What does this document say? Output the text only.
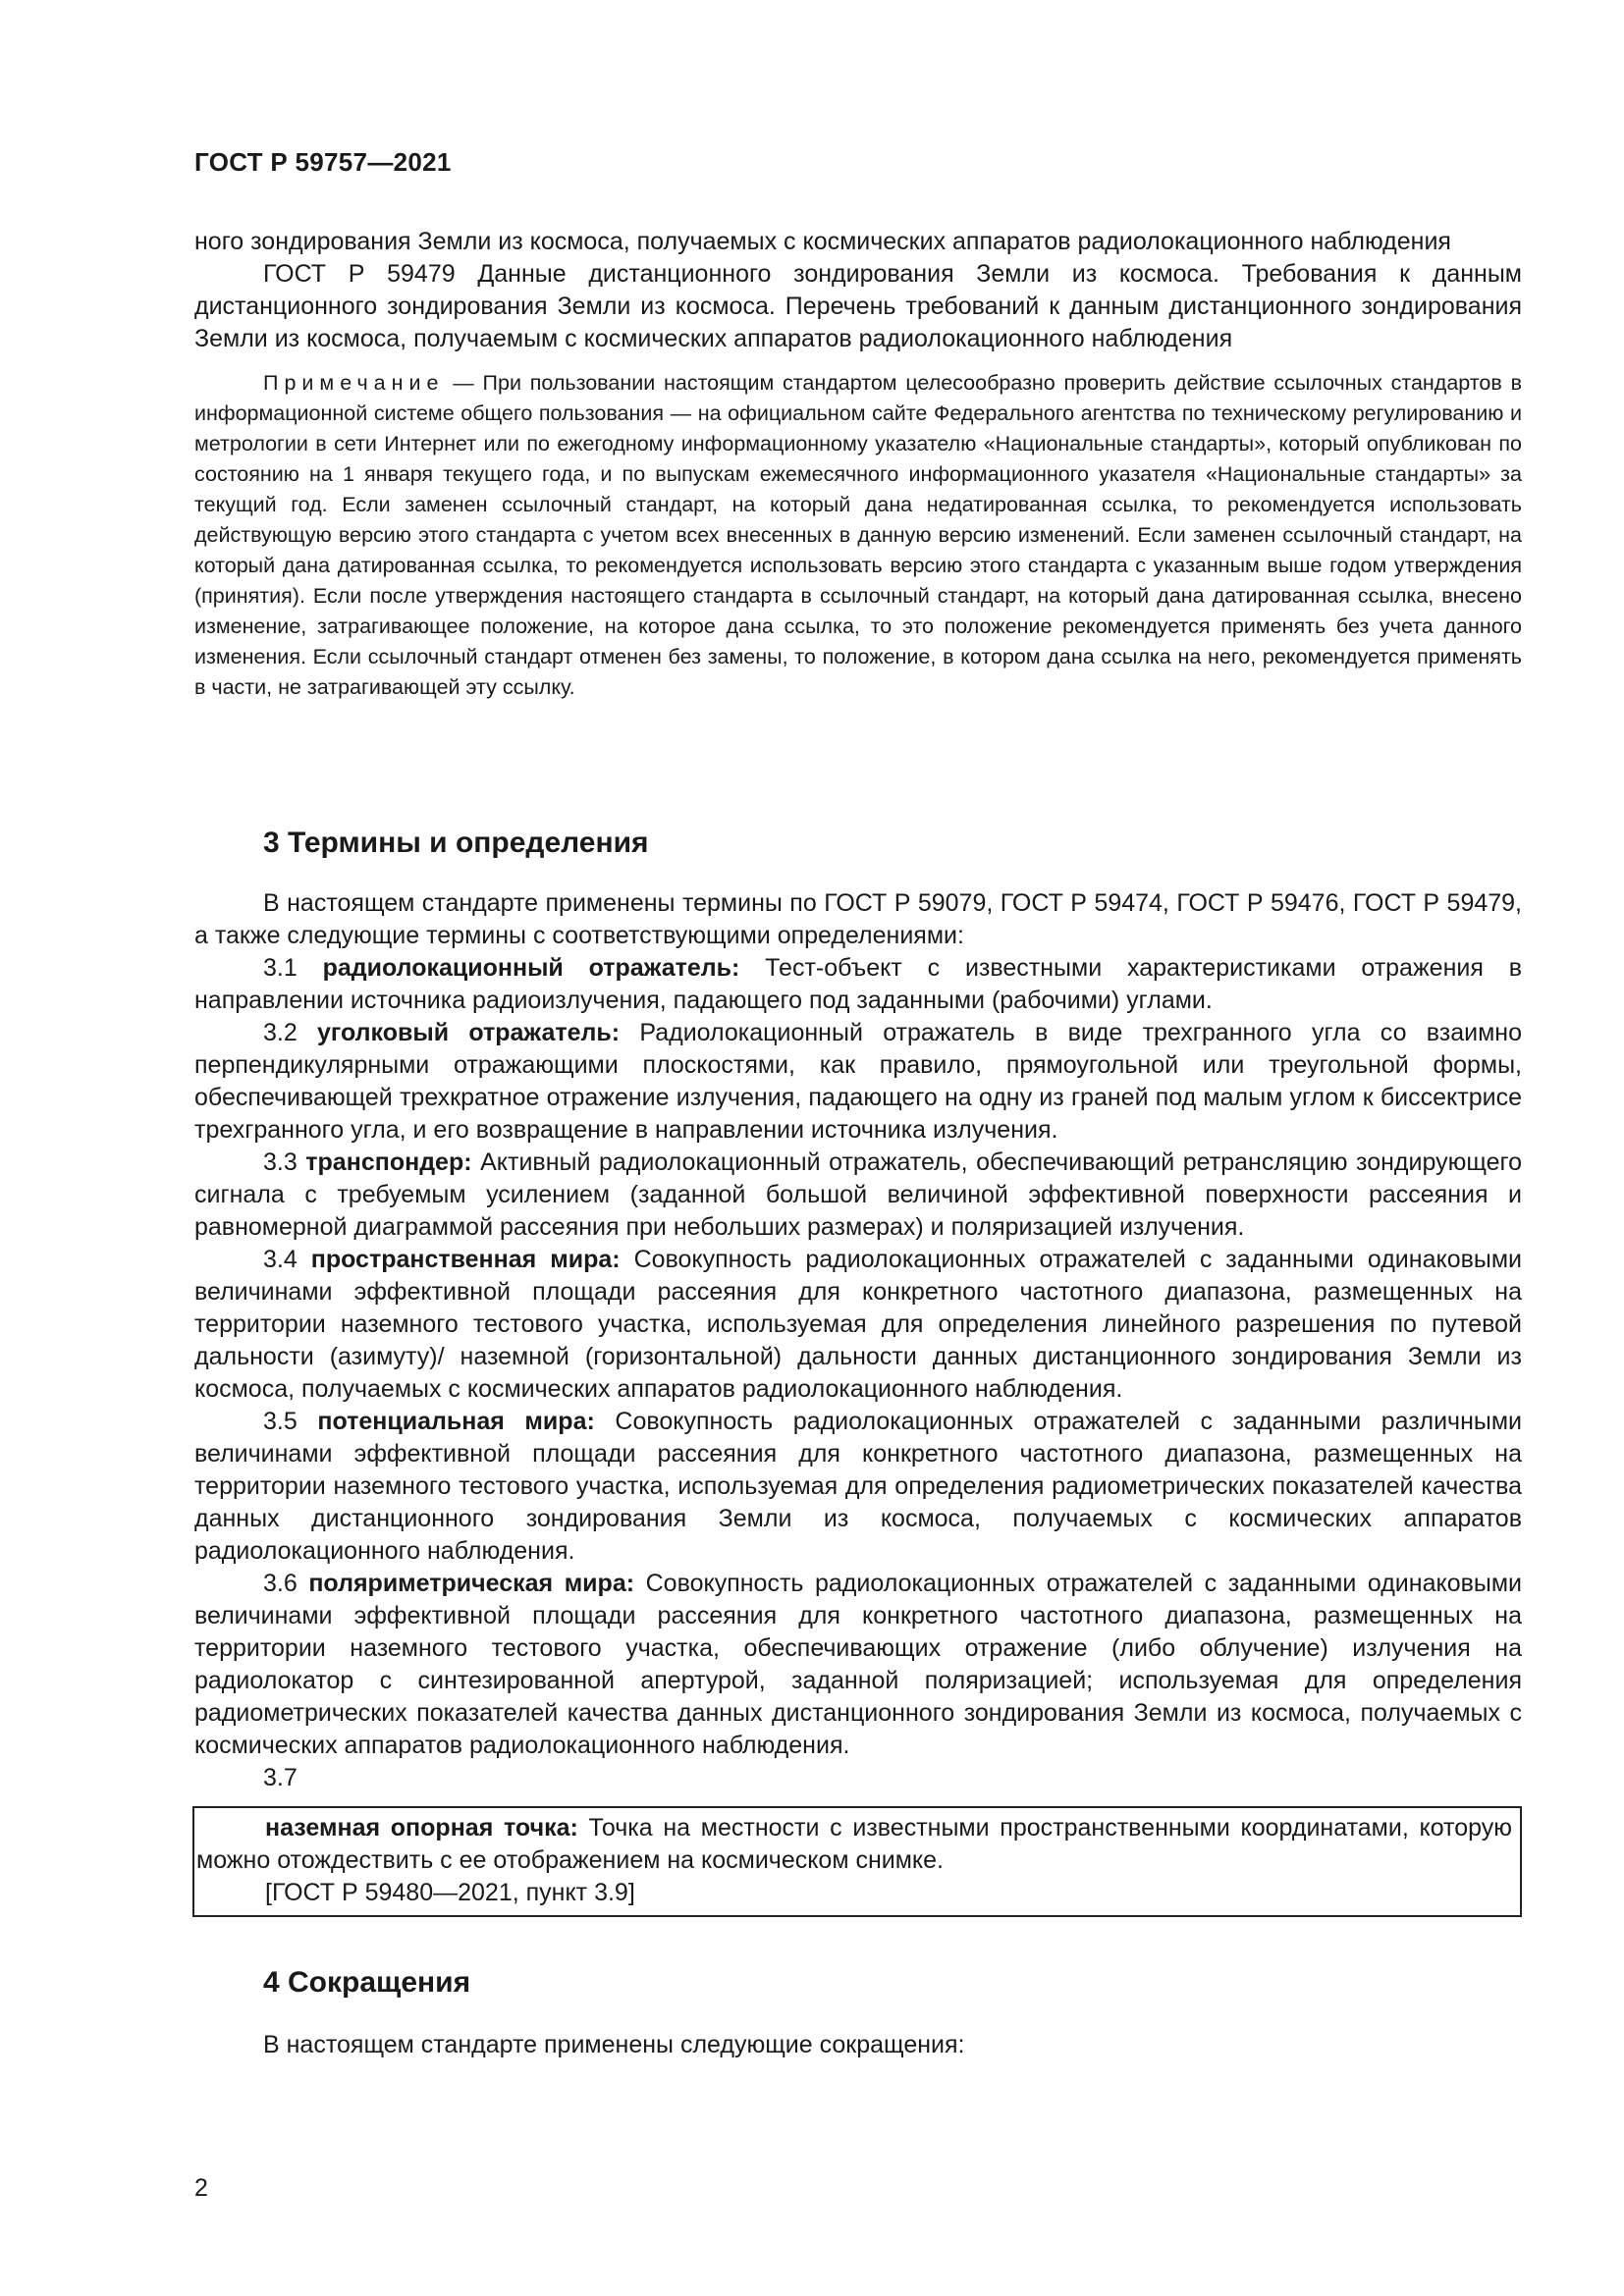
ГОСТ Р 59757—2021

ного зондирования Земли из космоса, получаемых с космических аппаратов радиолокационного наблюдения

ГОСТ Р 59479 Данные дистанционного зондирования Земли из космоса. Требования к данным дистанционного зондирования Земли из космоса. Перечень требований к данным дистанционного зондирования Земли из космоса, получаемым с космических аппаратов радиолокационного наблюдения

Примечание — При пользовании настоящим стандартом целесообразно проверить действие ссылочных стандартов в информационной системе общего пользования — на официальном сайте Федерального агентства по техническому регулированию и метрологии в сети Интернет или по ежегодному информационному указателю «Национальные стандарты», который опубликован по состоянию на 1 января текущего года, и по выпускам ежемесячного информационного указателя «Национальные стандарты» за текущий год. Если заменен ссылочный стандарт, на который дана недатированная ссылка, то рекомендуется использовать действующую версию этого стандарта с учетом всех внесенных в данную версию изменений. Если заменен ссылочный стандарт, на который дана датированная ссылка, то рекомендуется использовать версию этого стандарта с указанным выше годом утверждения (принятия). Если после утверждения настоящего стандарта в ссылочный стандарт, на который дана датированная ссылка, внесено изменение, затрагивающее положение, на которое дана ссылка, то это положение рекомендуется применять без учета данного изменения. Если ссылочный стандарт отменен без замены, то положение, в котором дана ссылка на него, рекомендуется применять в части, не затрагивающей эту ссылку.

3 Термины и определения

В настоящем стандарте применены термины по ГОСТ Р 59079, ГОСТ Р 59474, ГОСТ Р 59476, ГОСТ Р 59479, а также следующие термины с соответствующими определениями:

3.1 радиолокационный отражатель: Тест-объект с известными характеристиками отражения в направлении источника радиоизлучения, падающего под заданными (рабочими) углами.

3.2 уголковый отражатель: Радиолокационный отражатель в виде трехгранного угла со взаимно перпендикулярными отражающими плоскостями, как правило, прямоугольной или треугольной формы, обеспечивающей трехкратное отражение излучения, падающего на одну из граней под малым углом к биссектрисе трехгранного угла, и его возвращение в направлении источника излучения.

3.3 транспондер: Активный радиолокационный отражатель, обеспечивающий ретрансляцию зондирующего сигнала с требуемым усилением (заданной большой величиной эффективной поверхности рассеяния и равномерной диаграммой рассеяния при небольших размерах) и поляризацией излучения.

3.4 пространственная мира: Совокупность радиолокационных отражателей с заданными одинаковыми величинами эффективной площади рассеяния для конкретного частотного диапазона, размещенных на территории наземного тестового участка, используемая для определения линейного разрешения по путевой дальности (азимуту)/ наземной (горизонтальной) дальности данных дистанционного зондирования Земли из космоса, получаемых с космических аппаратов радиолокационного наблюдения.

3.5 потенциальная мира: Совокупность радиолокационных отражателей с заданными различными величинами эффективной площади рассеяния для конкретного частотного диапазона, размещенных на территории наземного тестового участка, используемая для определения радиометрических показателей качества данных дистанционного зондирования Земли из космоса, получаемых с космических аппаратов радиолокационного наблюдения.

3.6 поляриметрическая мира: Совокупность радиолокационных отражателей с заданными одинаковыми величинами эффективной площади рассеяния для конкретного частотного диапазона, размещенных на территории наземного тестового участка, обеспечивающих отражение (либо облучение) излучения на радиолокатор с синтезированной апертурой, заданной поляризацией; используемая для определения радиометрических показателей качества данных дистанционного зондирования Земли из космоса, получаемых с космических аппаратов радиолокационного наблюдения.

3.7

наземная опорная точка: Точка на местности с известными пространственными координатами, которую можно отождествить с ее отображением на космическом снимке.

[ГОСТ Р 59480—2021, пункт 3.9]

4 Сокращения

В настоящем стандарте применены следующие сокращения:

2
